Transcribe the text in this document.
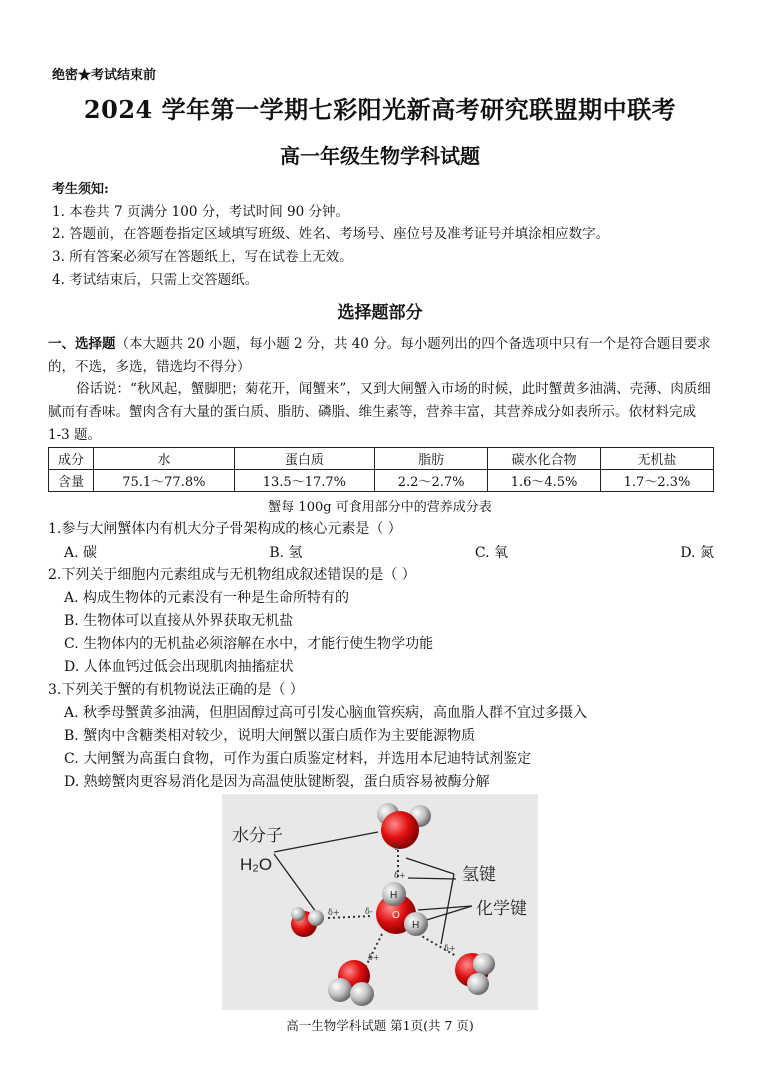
绝密★考试结束前
2024 学年第一学期七彩阳光新高考研究联盟期中联考
高一年级生物学科试题
考生须知:
1. 本卷共 7 页满分 100 分，考试时间 90 分钟。
2. 答题前，在答题卷指定区域填写班级、姓名、考场号、座位号及准考证号并填涂相应数字。
3. 所有答案必须写在答题纸上，写在试卷上无效。
4. 考试结束后，只需上交答题纸。
选择题部分
一、选择题（本大题共 20 小题，每小题 2 分，共 40 分。每小题列出的四个备选项中只有一个是符合题目要求的，不选，多选，错选均不得分）
俗话说：“秋风起，蟹脚肥；菊花开，闻蟹来”，又到大闸蟹入市场的时候，此时蟹黄多油满、壳薄、肉质细腻而有香味。蟹肉含有大量的蛋白质、脂肪、磷脂、维生素等，营养丰富，其营养成分如表所示。依材料完成 1-3 题。
成分	水	蛋白质	脂肪	碳水化合物	无机盐
含量	75.1～77.8%	13.5～17.7%	2.2～2.7%	1.6～4.5%	1.7～2.3%
蟹每 100g 可食用部分中的营养成分表
1.参与大闸蟹体内有机大分子骨架构成的核心元素是（ ）
A. 碳	B. 氢	C. 氧	D. 氮
2.下列关于细胞内元素组成与无机物组成叙述错误的是（ ）
A. 构成生物体的元素没有一种是生命所特有的
B. 生物体可以直接从外界获取无机盐
C. 生物体内的无机盐必须溶解在水中，才能行使生物学功能
D. 人体血钙过低会出现肌肉抽搐症状
3.下列关于蟹的有机物说法正确的是（ ）
A. 秋季母蟹黄多油满，但胆固醇过高可引发心脑血管疾病，高血脂人群不宜过多摄入
B. 蟹肉中含糖类相对较少，说明大闸蟹以蛋白质作为主要能源物质
C. 大闸蟹为高蛋白食物，可作为蛋白质鉴定材料，并选用本尼迪特试剂鉴定
D. 熟螃蟹肉更容易消化是因为高温使肽键断裂，蛋白质容易被酶分解
水分子
H₂O
氢键
化学键
δ-
δ+
δ+	δ-
δ+
δ+
H
O
H
高一生物学科试题 第1页(共 7 页)
